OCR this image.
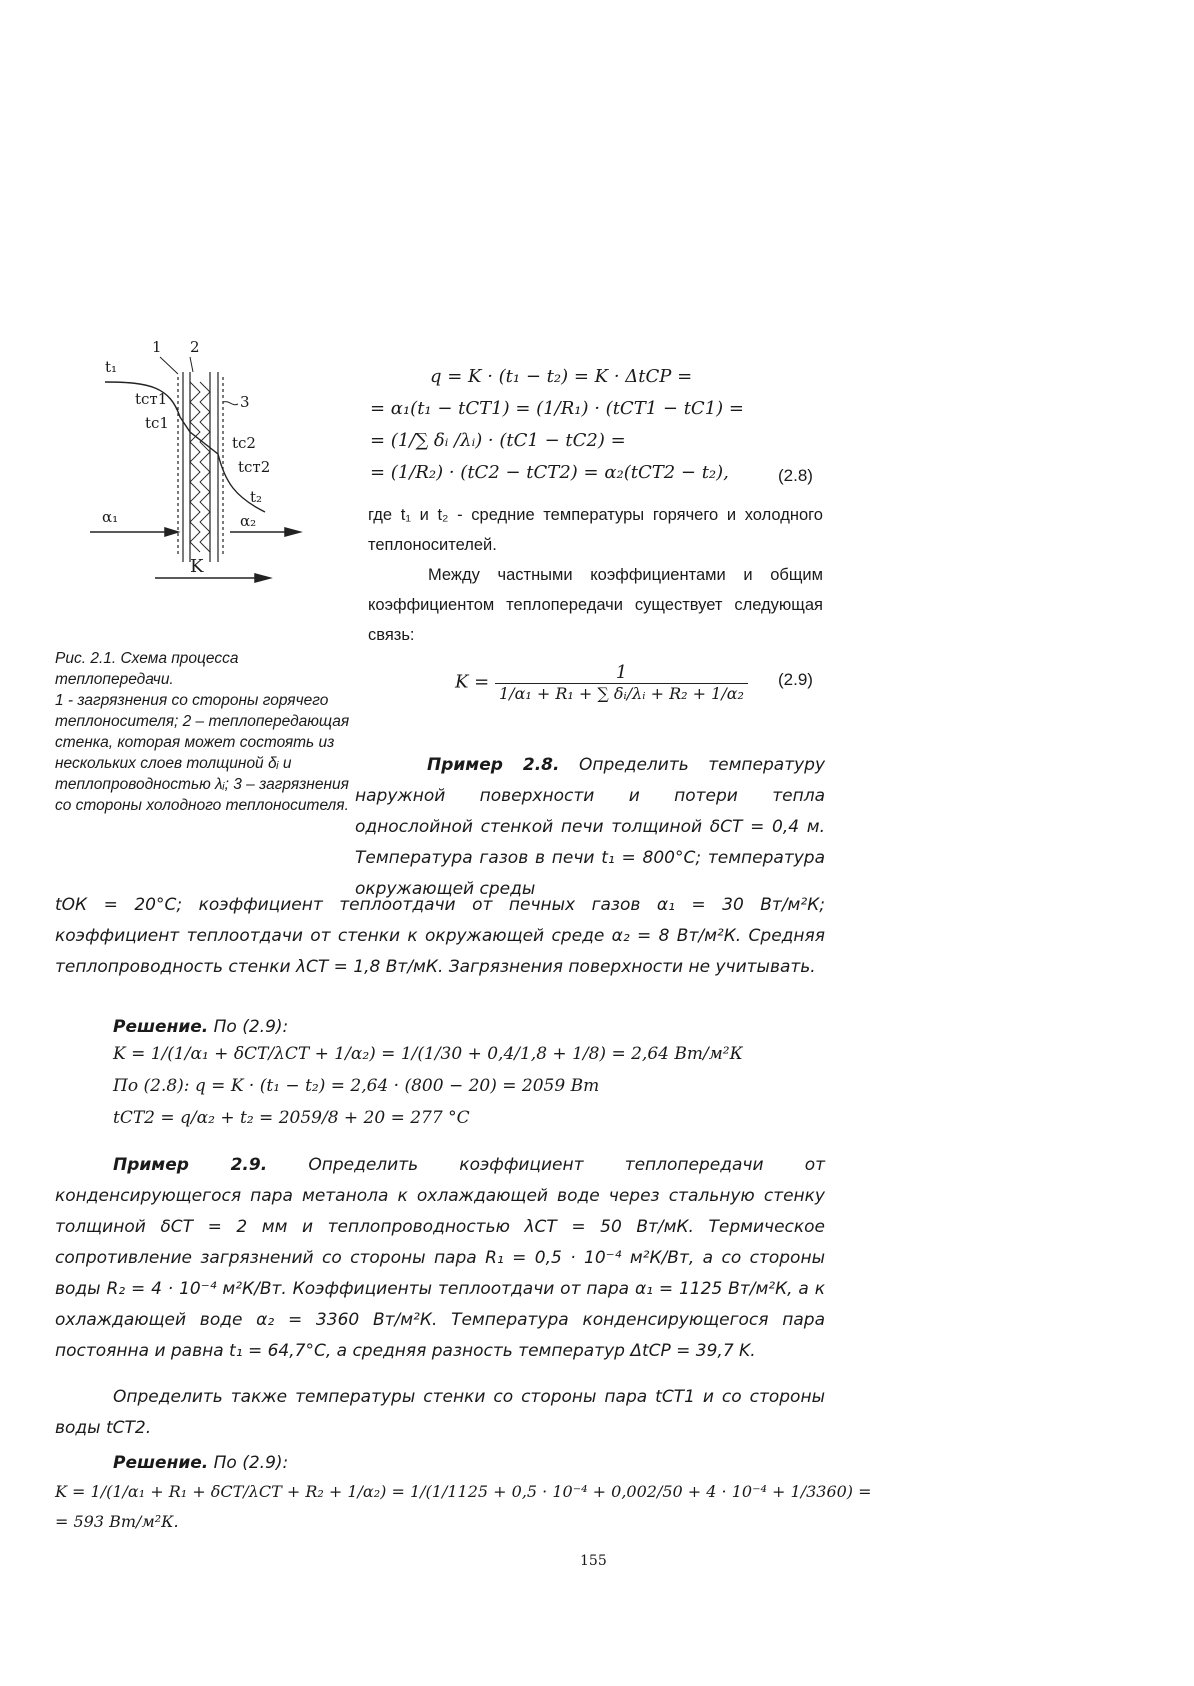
1 2
3
t₁
tст1
tс1
tс2
tст2
t₂
α₁	α₂
K
Рис. 2.1. Схема процесса теплопередачи.
1 - загрязнения со стороны горячего теплоносителя; 2 – теплопередающая стенка, которая может состоять из нескольких слоев толщиной δᵢ и теплопроводностью λᵢ; 3 – загрязнения со стороны холодного теплоносителя.
q = K · (t₁ − t₂) = K · ΔtСР =
= α₁(t₁ − tСТ1) = (1/R₁) · (tСТ1 − tС1) =
= (1/∑ δᵢ /λᵢ) · (tС1 − tС2) =
= (1/R₂) · (tС2 − tСТ2) = α₂(tСТ2 − t₂),	(2.8)
где t₁ и t₂ - средние температуры горячего и холодного теплоносителей.
Между частными коэффициентами и общим коэффициентом теплопередачи существует следующая связь:
$K = \frac{1}{\text{1/α₁ + R₁ + ∑ δᵢ/λᵢ + R₂ + 1/α₂}} (2.9)$
Пример 2.8. Определить температуру наружной поверхности и потери тепла однослойной стенкой печи толщиной δСТ = 0,4 м. Температура газов в печи t₁ = 800°C; температура окружающей среды
tОК = 20°C; коэффициент теплоотдачи от печных газов α₁ = 30 Вт/м²К; коэффициент теплоотдачи от стенки к окружающей среде α₂ = 8 Вт/м²К. Средняя теплопроводность стенки λСТ = 1,8 Вт/мК. Загрязнения поверхности не учитывать.
Решение. По (2.9):
K = 1/(1/α₁ + δСТ/λСТ + 1/α₂) = 1/(1/30 + 0,4/1,8 + 1/8) = 2,64 Вт/м²К
По (2.8): q = K · (t₁ − t₂) = 2,64 · (800 − 20) = 2059 Вт
tСТ2 = q/α₂ + t₂ = 2059/8 + 20 = 277 °C
Пример 2.9. Определить коэффициент теплопередачи от конденсирующегося пара метанола к охлаждающей воде через стальную стенку толщиной δСТ = 2 мм и теплопроводностью λСТ = 50 Вт/мК. Термическое сопротивление загрязнений со стороны пара R₁ = 0,5 · 10⁻⁴ м²К/Вт, а со стороны воды R₂ = 4 · 10⁻⁴ м²К/Вт. Коэффициенты теплоотдачи от пара α₁ = 1125 Вт/м²К, а к охлаждающей воде α₂ = 3360 Вт/м²К. Температура конденсирующегося пара постоянна и равна t₁ = 64,7°C, а средняя разность температур ΔtСР = 39,7 K.
Определить также температуры стенки со стороны пара tСТ1 и со стороны воды tСТ2.
Решение. По (2.9):
K = 1/(1/α₁ + R₁ + δСТ/λСТ + R₂ + 1/α₂) = 1/(1/1125 + 0,5 · 10⁻⁴ + 0,002/50 + 4 · 10⁻⁴ + 1/3360) =
= 593 Вт/м²К.
155
